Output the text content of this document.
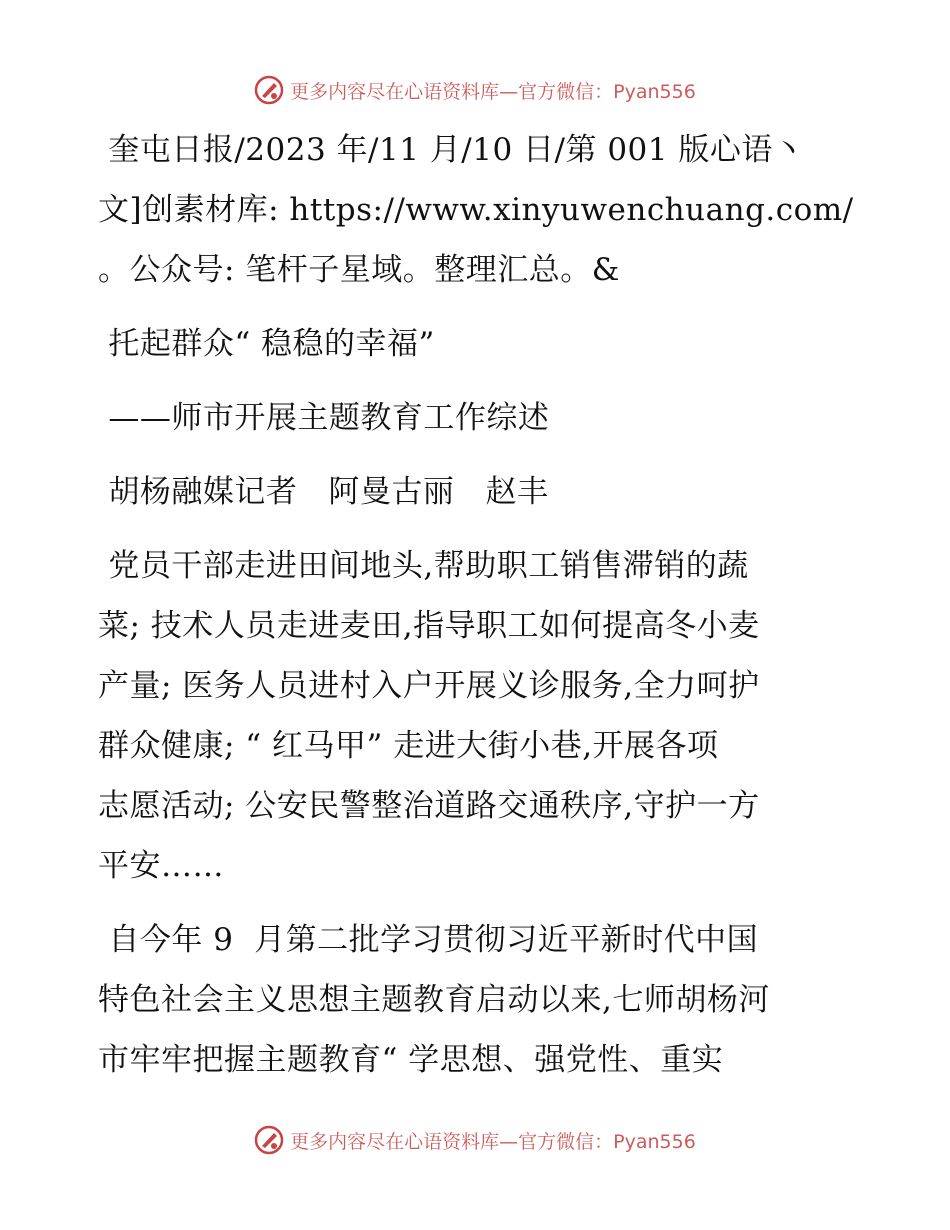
更多内容尽在心语资料库—官方微信：Pyan556

奎屯日报/2023 年/11 月/10 日/第 001 版心语丶

文]创素材库: https://www.xinyuwenchuang.com/

。公众号: 笔杆子星域。整理汇总。&

托起群众“ 稳稳的幸福”

——师市开展主题教育工作综述

胡杨融媒记者   阿曼古丽   赵丰

党员干部走进田间地头,帮助职工销售滞销的蔬

菜; 技术人员走进麦田,指导职工如何提高冬小麦

产量; 医务人员进村入户开展义诊服务,全力呵护

群众健康; “ 红马甲” 走进大街小巷,开展各项

志愿活动; 公安民警整治道路交通秩序,守护一方

平安……

自今年 9  月第二批学习贯彻习近平新时代中国

特色社会主义思想主题教育启动以来,七师胡杨河

市牢牢把握主题教育“ 学思想、强党性、重实

更多内容尽在心语资料库—官方微信：Pyan556
